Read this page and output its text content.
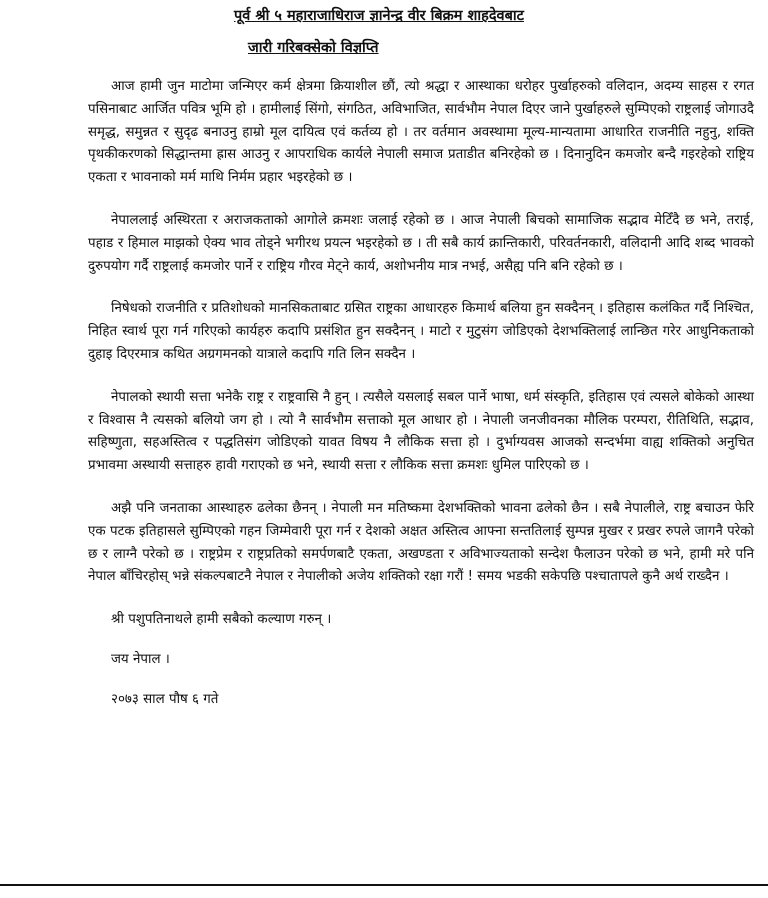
पूर्व श्री ५ महाराजाधिराज ज्ञानेन्द्र वीर बिक्रम शाहदेवबाट
जारी गरिबक्सेको विज्ञप्ति

आज हामी जुन माटोमा जन्मिएर कर्म क्षेत्रमा क्रियाशील छौं, त्यो श्रद्धा र आस्थाका धरोहर पुर्खाहरुको वलिदान, अदम्य साहस र रगत पसिनाबाट आर्जित पवित्र भूमि हो । हामीलाई सिंगो, संगठित, अविभाजित, सार्वभौम नेपाल दिएर जाने पुर्खाहरुले सुम्पिएको राष्ट्रलाई जोगाउदै समृद्ध, समुन्नत र सुदृढ बनाउनु हाम्रो मूल दायित्व एवं कर्तव्य हो । तर वर्तमान अवस्थामा मूल्य-मान्यतामा आधारित राजनीति नहुनु, शक्ति पृथकीकरणको सिद्धान्तमा ह्रास आउनु र आपराधिक कार्यले नेपाली समाज प्रताडीत बनिरहेको छ । दिनानुदिन कमजोर बन्दै गइरहेको राष्ट्रिय एकता र भावनाको मर्म माथि निर्मम प्रहार भइरहेको छ ।

नेपाललाई अस्थिरता र अराजकताको आगोले क्रमशः जलाई रहेको छ । आज नेपाली बिचको सामाजिक सद्भाव मेटिँदै छ भने, तराई, पहाड र हिमाल माझको ऐक्य भाव तोड्ने भगीरथ प्रयत्न भइरहेको छ । ती सबै कार्य क्रान्तिकारी, परिवर्तनकारी, वलिदानी आदि शब्द भावको दुरुपयोग गर्दै राष्ट्रलाई कमजोर पार्ने र राष्ट्रिय गौरव मेट्ने कार्य, अशोभनीय मात्र नभई, असैह्य पनि बनि रहेको छ ।

निषेधको राजनीति र प्रतिशोधको मानसिकताबाट ग्रसित राष्ट्रका आधारहरु किमार्थ बलिया हुन सक्दैनन् । इतिहास कलंकित गर्दै निश्चित, निहित स्वार्थ पूरा गर्न गरिएको कार्यहरु कदापि प्रसंशित हुन सक्दैनन् । माटो र मुटुसंग जोडिएको देशभक्तिलाई लान्छित गरेर आधुनिकताको दुहाइ दिएरमात्र कथित अग्रगमनको यात्राले कदापि गति लिन सक्दैन ।

नेपालको स्थायी सत्ता भनेकै राष्ट्र र राष्ट्रवासि नै हुन् । त्यसैले यसलाई सबल पार्ने भाषा, धर्म संस्कृति, इतिहास एवं त्यसले बोकेको आस्था र विश्वास नै त्यसको बलियो जग हो । त्यो नै सार्वभौम सत्ताको मूल आधार हो । नेपाली जनजीवनका मौलिक परम्परा, रीतिथिति, सद्भाव, सहिष्णुता, सहअस्तित्व र पद्धतिसंग जोडिएको यावत विषय नै लौकिक सत्ता हो । दुर्भाग्यवस आजको सन्दर्भमा वाह्य शक्तिको अनुचित प्रभावमा अस्थायी सत्ताहरु हावी गराएको छ भने, स्थायी सत्ता र लौकिक सत्ता क्रमशः धुमिल पारिएको छ ।

अझै पनि जनताका आस्थाहरु ढलेका छैनन् । नेपाली मन मतिष्कमा देशभक्तिको भावना ढलेको छैन । सबै नेपालीले, राष्ट्र बचाउन फेरि एक पटक इतिहासले सुम्पिएको गहन जिम्मेवारी पूरा गर्न र देशको अक्षत अस्तित्व आफ्ना सन्ततिलाई सुम्पन्न मुखर र प्रखर रुपले जागनै परेको छ र लाग्नै परेको छ । राष्ट्रप्रेम र राष्ट्रप्रतिको समर्पणबाटै एकता, अखण्डता र अविभाज्यताको सन्देश फैलाउन परेको छ भने, हामी मरे पनि नेपाल बाँचिरहोस् भन्ने संकल्पबाटनै नेपाल र नेपालीको अजेय शक्तिको रक्षा गरौं ! समय भडकी सकेपछि पश्चातापले कुनै अर्थ राख्दैन ।

श्री पशुपतिनाथले हामी सबैको कल्याण गरुन् ।
जय नेपाल ।
२०७३ साल पौष ६ गते
